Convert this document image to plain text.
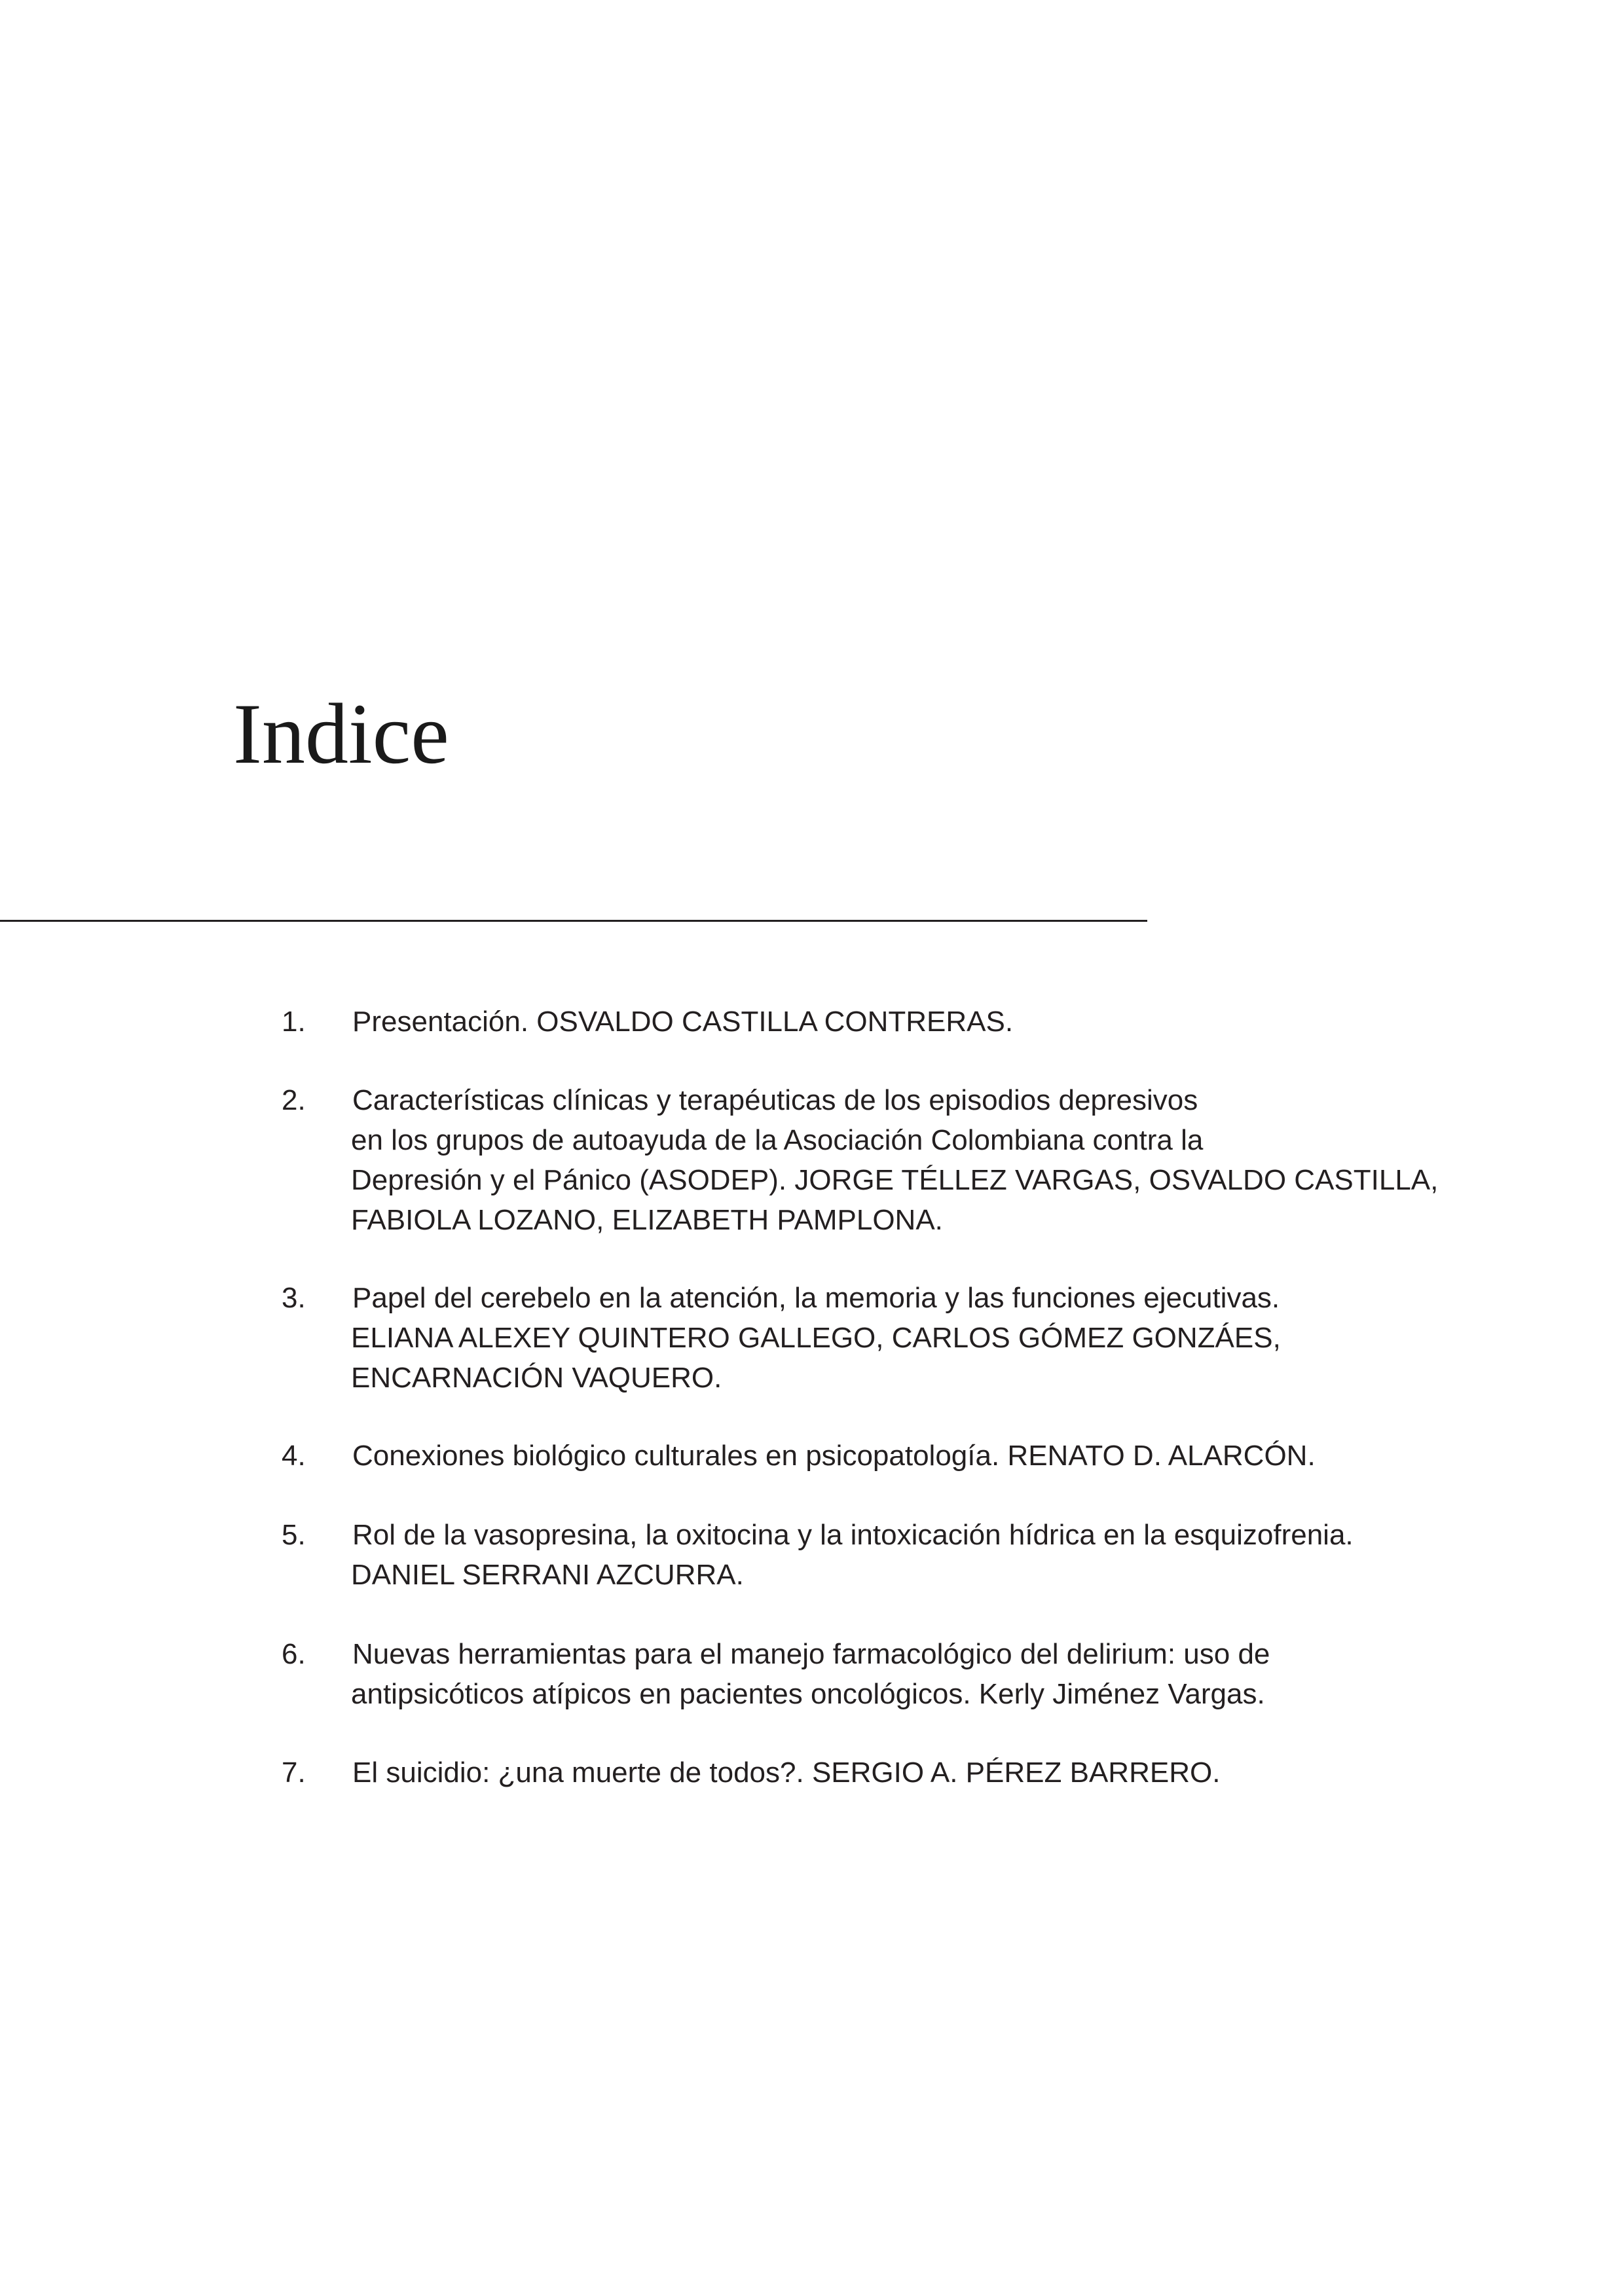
Indice
1.	Presentación. OSVALDO CASTILLA CONTRERAS.
2.	Características clínicas y terapéuticas de los episodios depresivos
en los grupos de autoayuda de la Asociación Colombiana contra la
Depresión y el Pánico (ASODEP). JORGE TÉLLEZ VARGAS, OSVALDO CASTILLA,
FABIOLA LOZANO, ELIZABETH PAMPLONA.
3.	Papel del cerebelo en la atención, la memoria y las funciones ejecutivas.
ELIANA ALEXEY QUINTERO GALLEGO, CARLOS GÓMEZ GONZÁES,
ENCARNACIÓN VAQUERO.
4.	Conexiones biológico culturales en psicopatología. RENATO D. ALARCÓN.
5.	Rol de la vasopresina, la oxitocina y la intoxicación hídrica en la esquizofrenia.
DANIEL SERRANI AZCURRA.
6.	Nuevas herramientas para el manejo farmacológico del delirium: uso de
antipsicóticos atípicos en pacientes oncológicos. Kerly Jiménez Vargas.
7.	El suicidio: ¿una muerte de todos?. SERGIO A. PÉREZ BARRERO.
